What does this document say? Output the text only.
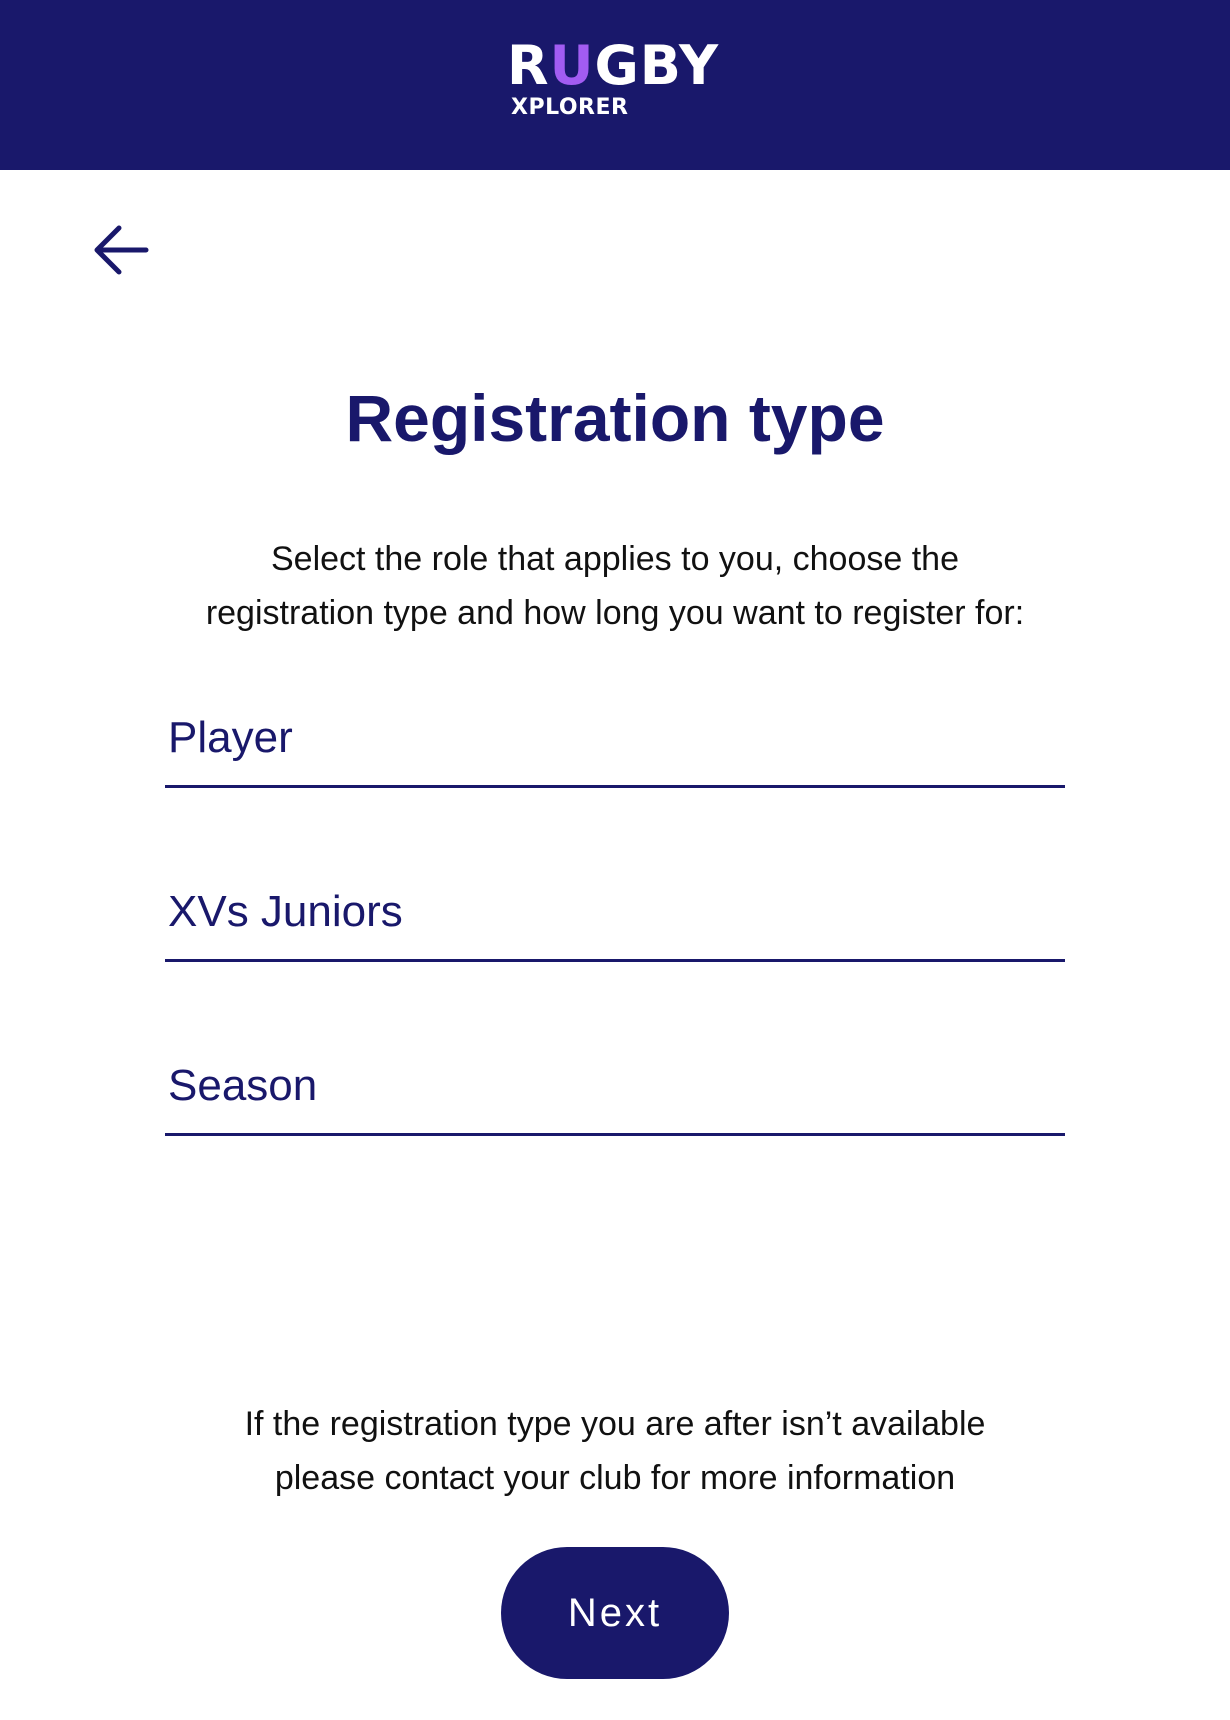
RUGBY
XPLORER
Registration type
Select the role that applies to you, choose the
registration type and how long you want to register for:
Player
XVs Juniors
Season
If the registration type you are after isn’t available
please contact your club for more information
Next
